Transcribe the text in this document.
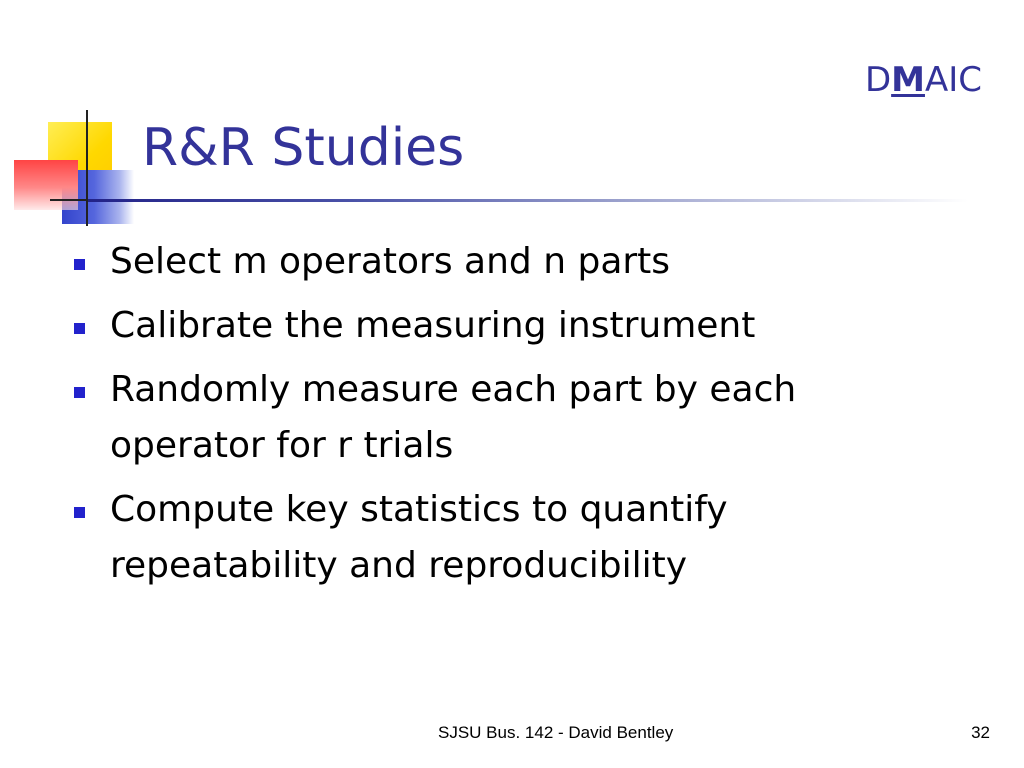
DMAIC
R&R Studies
Select m operators and n parts
Calibrate the measuring instrument
Randomly measure each part by each operator for r trials
Compute key statistics to quantify repeatability and reproducibility
SJSU Bus. 142 - David Bentley	32
